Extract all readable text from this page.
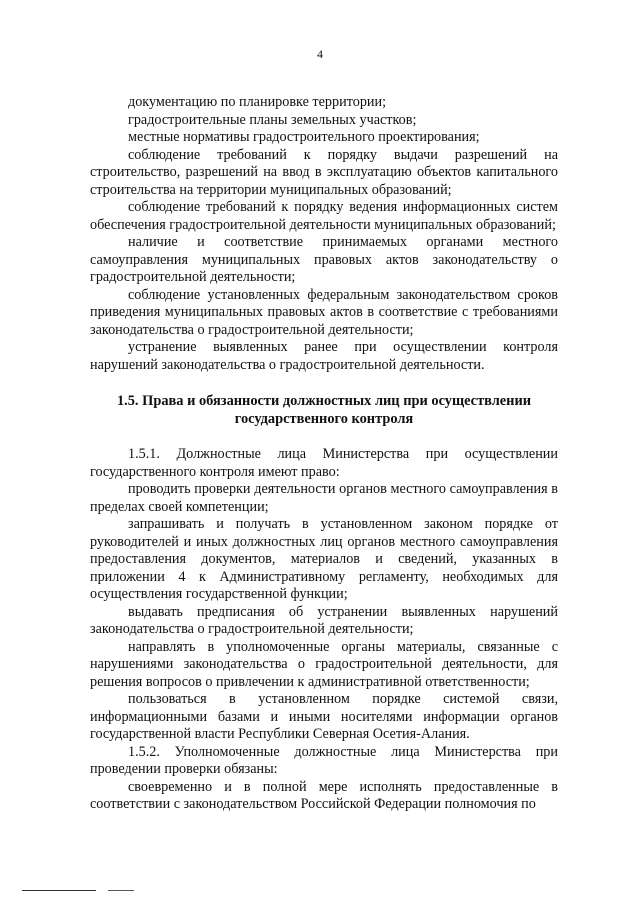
4

документацию по планировке территории;

градостроительные планы земельных участков;

местные нормативы градостроительного проектирования;

соблюдение требований к порядку выдачи разрешений на строительство, разрешений на ввод в эксплуатацию объектов капитального строительства на территории муниципальных образований;

соблюдение требований к порядку ведения информационных систем обеспечения градостроительной деятельности муниципальных образований;

наличие и соответствие принимаемых органами местного самоуправления муниципальных правовых актов законодательству о градостроительной деятельности;

соблюдение установленных федеральным законодательством сроков приведения муниципальных правовых актов в соответствие с требованиями законодательства о градостроительной деятельности;

устранение выявленных ранее при осуществлении контроля нарушений законодательства о градостроительной деятельности.

1.5. Права и обязанности должностных лиц при осуществлении государственного контроля

1.5.1. Должностные лица Министерства при осуществлении государственного контроля имеют право:

проводить проверки деятельности органов местного самоуправления в пределах своей компетенции;

запрашивать и получать в установленном законом порядке от руководителей и иных должностных лиц органов местного самоуправления предоставления документов, материалов и сведений, указанных в приложении 4 к Административному регламенту, необходимых для осуществления государственной функции;

выдавать предписания об устранении выявленных нарушений законодательства о градостроительной деятельности;

направлять в уполномоченные органы материалы, связанные с нарушениями законодательства о градостроительной деятельности, для решения вопросов о привлечении к административной ответственности;

пользоваться в установленном порядке системой связи, информационными базами и иными носителями информации органов государственной власти Республики Северная Осетия-Алания.

1.5.2. Уполномоченные должностные лица Министерства при проведении проверки обязаны:

своевременно и в полной мере исполнять предоставленные в соответствии с законодательством Российской Федерации полномочия по
